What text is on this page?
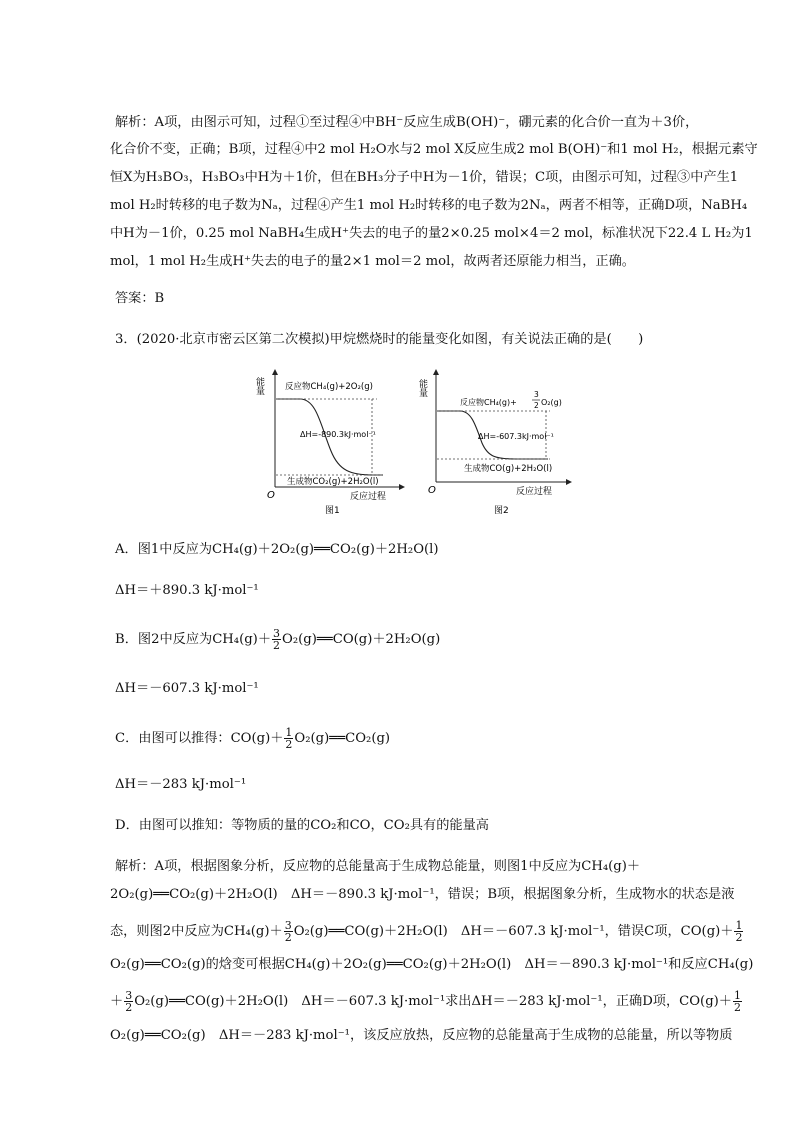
解析：A项，由图示可知，过程①至过程④中BH⁻反应生成B(OH)⁻，硼元素的化合价一直为＋3价，
化合价不变，正确；B项，过程④中2 mol H₂O水与2 mol X反应生成2 mol B(OH)⁻和1 mol H₂，根据元素守
恒X为H₃BO₃，H₃BO₃中H为＋1价，但在BH₃分子中H为－1价，错误；C项，由图示可知，过程③中产生1
mol H₂时转移的电子数为Nₐ，过程④产生1 mol H₂时转移的电子数为2Nₐ，两者不相等，正确D项，NaBH₄
中H为－1价，0.25 mol NaBH₄生成H⁺失去的电子的量2×0.25 mol×4＝2 mol，标准状况下22.4 L H₂为1
mol，1 mol H₂生成H⁺失去的电子的量2×1 mol＝2 mol，故两者还原能力相当，正确。
答案：B
3．(2020·北京市密云区第二次模拟)甲烷燃烧时的能量变化如图，有关说法正确的是(　　)
能量
O
反应物CH₄(g)+2O₂(g)
ΔH=-890.3kJ·mol⁻¹
生成物CO₂(g)+2H₂O(l)
反应过程
图1
能量
O
反应物CH₄(g)+
3
2 O₂(g)
ΔH=-607.3kJ·mol⁻¹
生成物CO(g)+2H₂O(l)
反应过程
图2
A．图1中反应为CH₄(g)＋2O₂(g)══CO₂(g)＋2H₂O(l)
ΔH＝＋890.3 kJ·mol⁻¹
B．图2中反应为$CH_4(g)+ \frac{3}{2}$ O₂(g)══CO(g)＋2H₂O(g)
ΔH＝－607.3 kJ·mol⁻¹
C．由图可以推得：$CO(g)+ \frac{1}{2}$ O₂(g)══CO₂(g)
ΔH＝－283 kJ·mol⁻¹
D．由图可以推知：等物质的量的CO₂和CO，CO₂具有的能量高
解析：A项，根据图象分析，反应物的总能量高于生成物总能量，则图1中反应为CH₄(g)＋
2O₂(g)══CO₂(g)＋2H₂O(l)　ΔH＝－890.3 kJ·mol⁻¹，错误；B项，根据图象分析，生成物水的状态是液
态，则图2中反应为$CH_4(g)+ \frac{3}{2}$ O₂(g)══CO(g)＋2H₂O(l)　ΔH＝－607.3 kJ·mol⁻¹，错误C项，$CO(g)+ \frac{1}{2}$
O₂(g)══CO₂(g)的焓变可根据CH₄(g)＋2O₂(g)══CO₂(g)＋2H₂O(l)　ΔH＝－890.3 kJ·mol⁻¹和反应CH₄(g)
＋ $\frac{3}{2}$ O₂(g)══CO(g)＋2H₂O(l)　ΔH＝－607.3 kJ·mol⁻¹求出ΔH＝－283 kJ·mol⁻¹，正确D项，$CO(g)+ \frac{1}{2}$
O₂(g)══CO₂(g)　ΔH＝－283 kJ·mol⁻¹，该反应放热，反应物的总能量高于生成物的总能量，所以等物质
